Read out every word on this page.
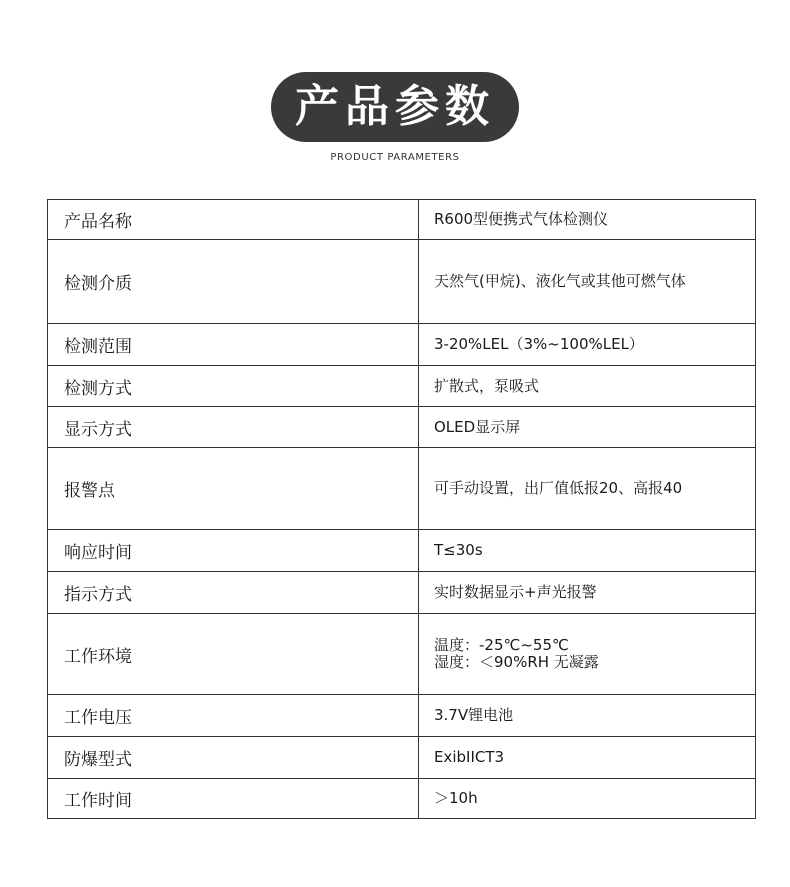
产品参数
PRODUCT PARAMETERS
产品名称	R600型便携式气体检测仪

检测介质	天然气(甲烷)、液化气或其他可燃气体

检测范围	3-20%LEL（3%~100%LEL）

检测方式	扩散式，泵吸式

显示方式	OLED显示屏

报警点	可手动设置，出厂值低报20、高报40

响应时间	T≤30s

指示方式	实时数据显示+声光报警

工作环境	温度：-25℃~55℃
湿度：＜90%RH 无凝露

工作电压	3.7V锂电池

防爆型式	ExibIICT3

工作时间	＞10h
